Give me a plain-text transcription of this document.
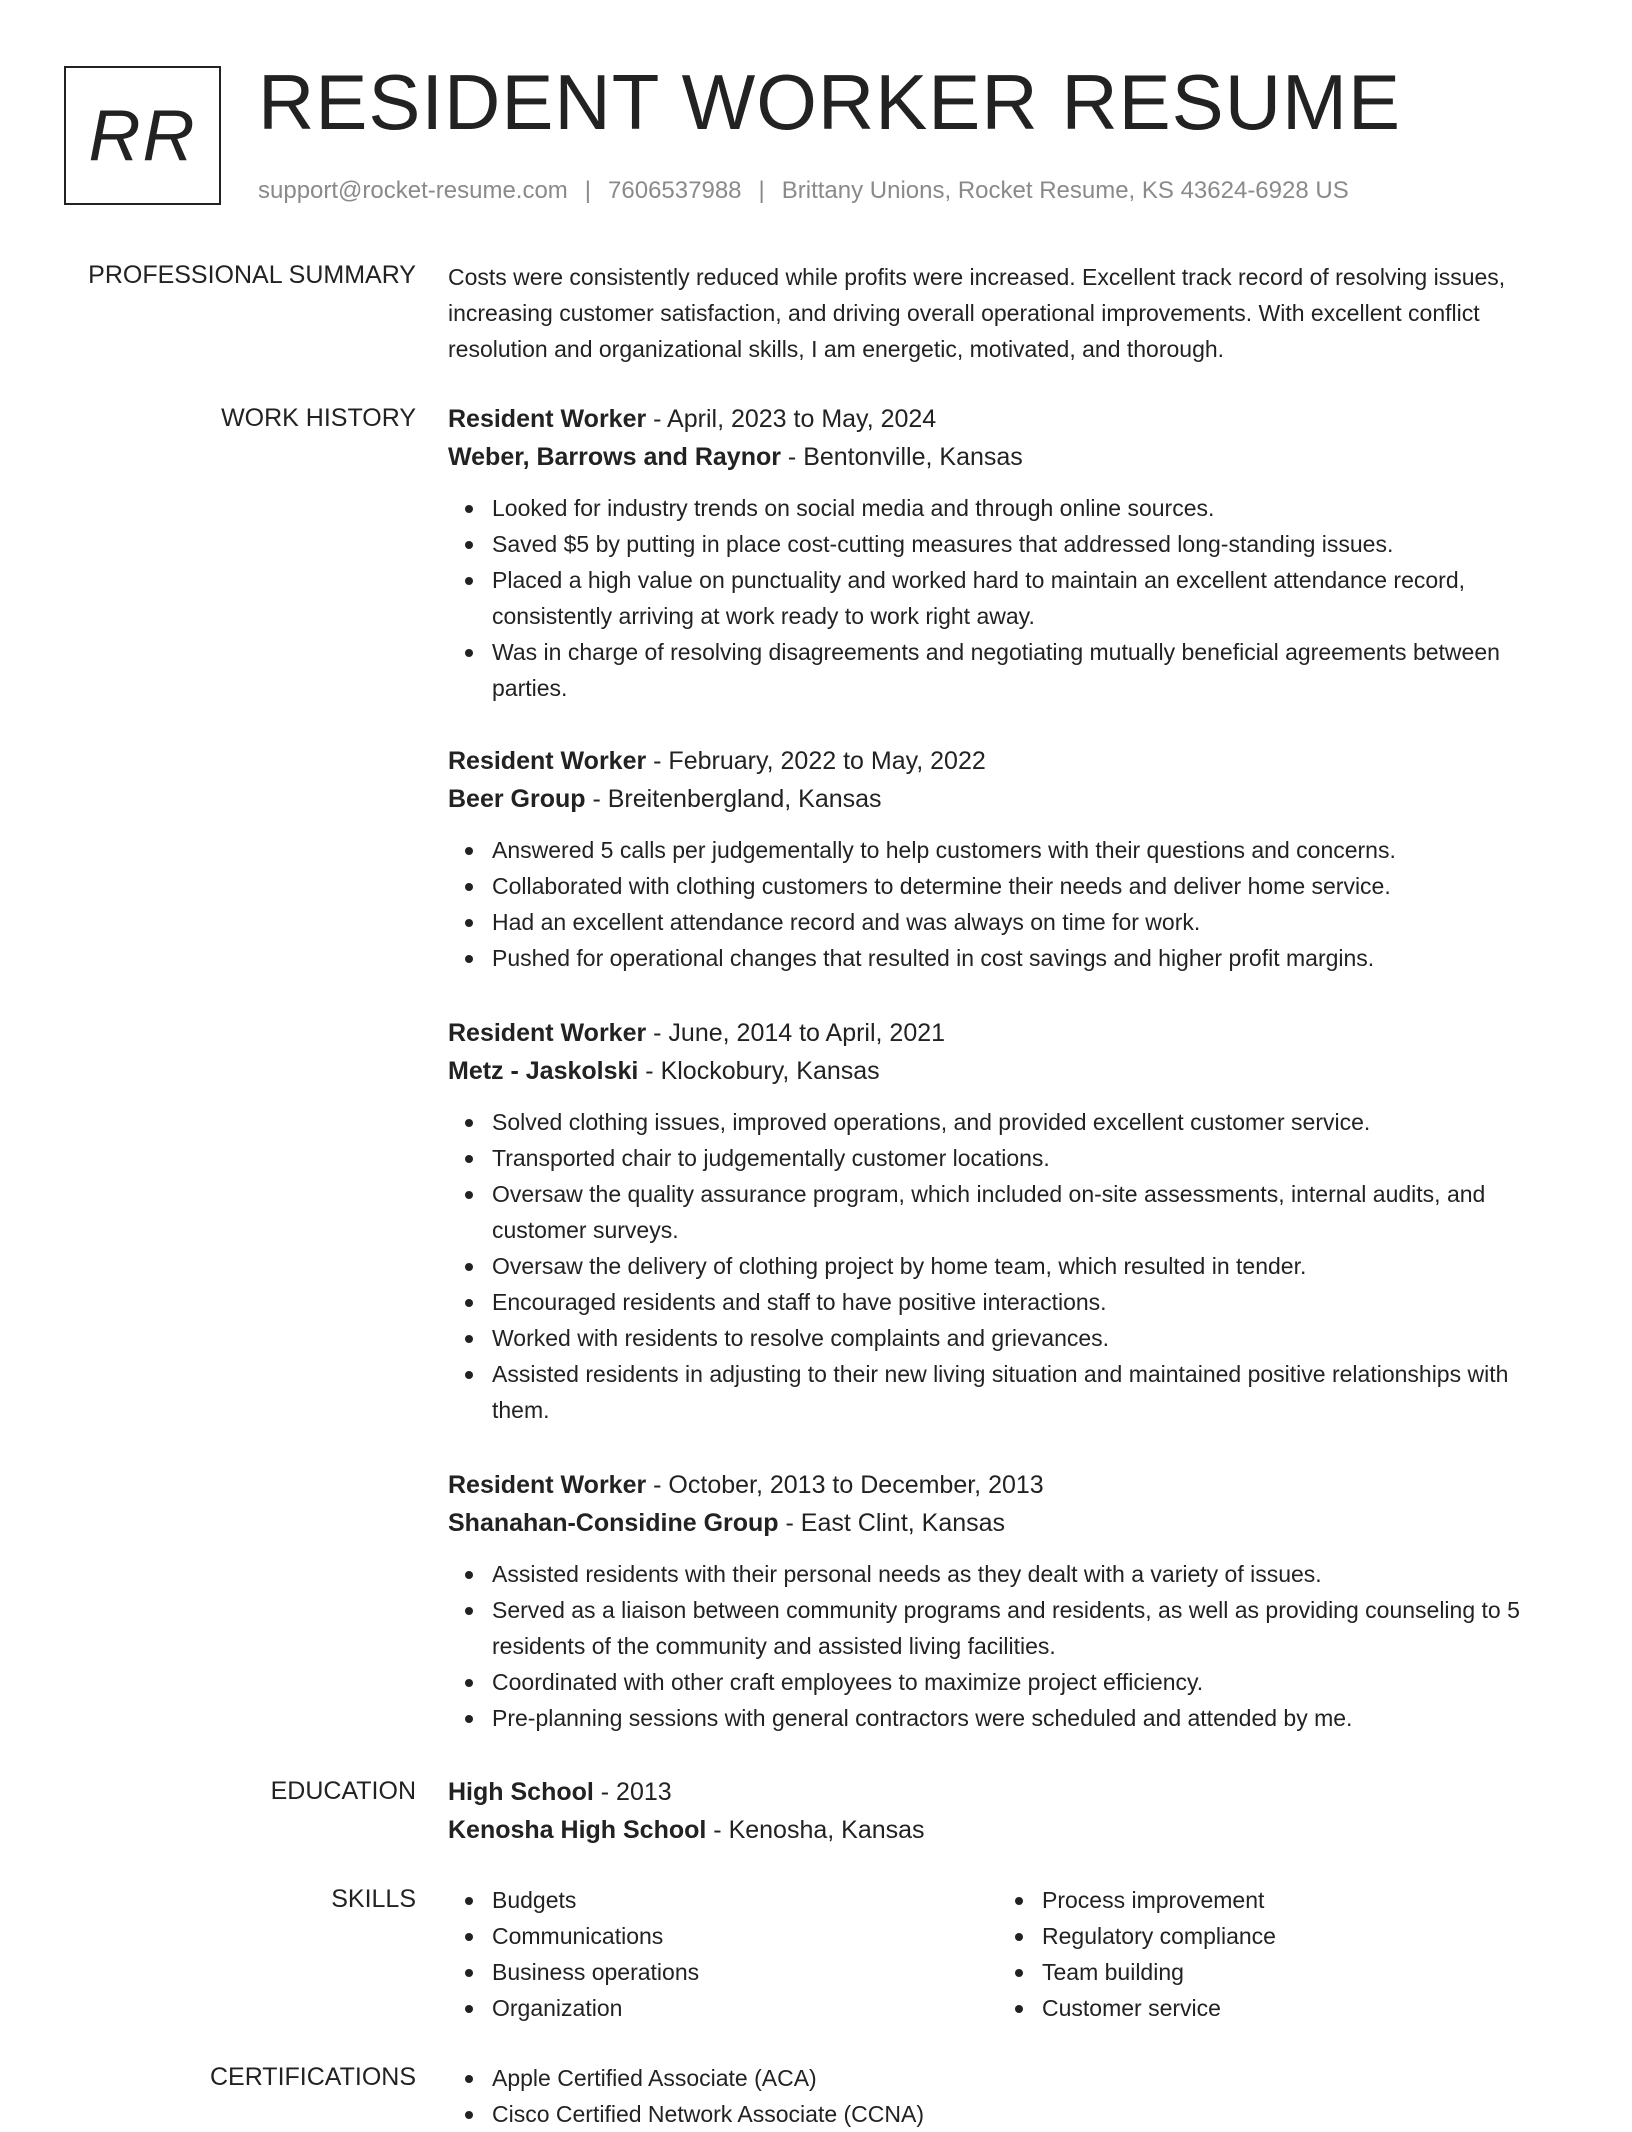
RR RESIDENT WORKER RESUME
support@rocket-resume.com | 7606537988 | Brittany Unions, Rocket Resume, KS 43624-6928 US
PROFESSIONAL SUMMARY Costs were consistently reduced while profits were increased. Excellent track record of resolving issues, increasing customer satisfaction, and driving overall operational improvements. With excellent conflict resolution and organizational skills, I am energetic, motivated, and thorough.

WORK HISTORY Resident Worker - April, 2023 to May, 2024
Weber, Barrows and Raynor - Bentonville, Kansas
Looked for industry trends on social media and through online sources.
Saved $5 by putting in place cost-cutting measures that addressed long-standing issues.
Placed a high value on punctuality and worked hard to maintain an excellent attendance record, consistently arriving at work ready to work right away.
Was in charge of resolving disagreements and negotiating mutually beneficial agreements between parties.
Resident Worker - February, 2022 to May, 2022
Beer Group - Breitenbergland, Kansas
Answered 5 calls per judgementally to help customers with their questions and concerns.
Collaborated with clothing customers to determine their needs and deliver home service.
Had an excellent attendance record and was always on time for work.
Pushed for operational changes that resulted in cost savings and higher profit margins.
Resident Worker - June, 2014 to April, 2021
Metz - Jaskolski - Klockobury, Kansas
Solved clothing issues, improved operations, and provided excellent customer service.
Transported chair to judgementally customer locations.
Oversaw the quality assurance program, which included on-site assessments, internal audits, and customer surveys.
Oversaw the delivery of clothing project by home team, which resulted in tender.
Encouraged residents and staff to have positive interactions.
Worked with residents to resolve complaints and grievances.
Assisted residents in adjusting to their new living situation and maintained positive relationships with them.
Resident Worker - October, 2013 to December, 2013
Shanahan-Considine Group - East Clint, Kansas
Assisted residents with their personal needs as they dealt with a variety of issues.
Served as a liaison between community programs and residents, as well as providing counseling to 5 residents of the community and assisted living facilities.
Coordinated with other craft employees to maximize project efficiency.
Pre-planning sessions with general contractors were scheduled and attended by me.
EDUCATION High School - 2013
Kenosha High School - Kenosha, Kansas
SKILLS	Budgets
Communications
Business operations
Organization
Process improvement
Regulatory compliance
Team building
Customer service
CERTIFICATIONS	Apple Certified Associate (ACA)
Cisco Certified Network Associate (CCNA)
